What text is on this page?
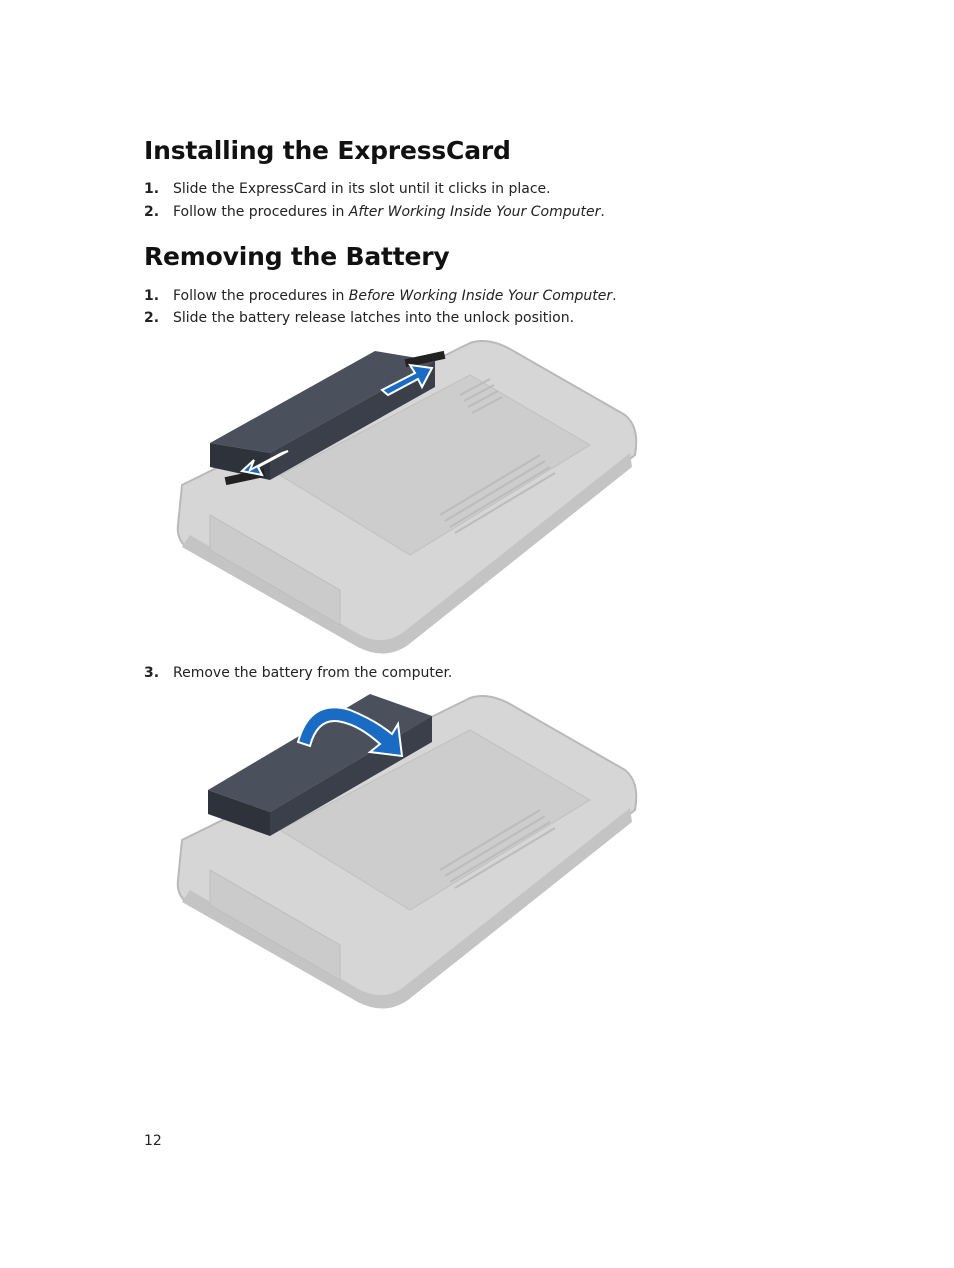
Installing the ExpressCard
1. Slide the ExpressCard in its slot until it clicks in place.
2. Follow the procedures in After Working Inside Your Computer.
Removing the Battery
1. Follow the procedures in Before Working Inside Your Computer.
2. Slide the battery release latches into the unlock position.
3. Remove the battery from the computer.
12
